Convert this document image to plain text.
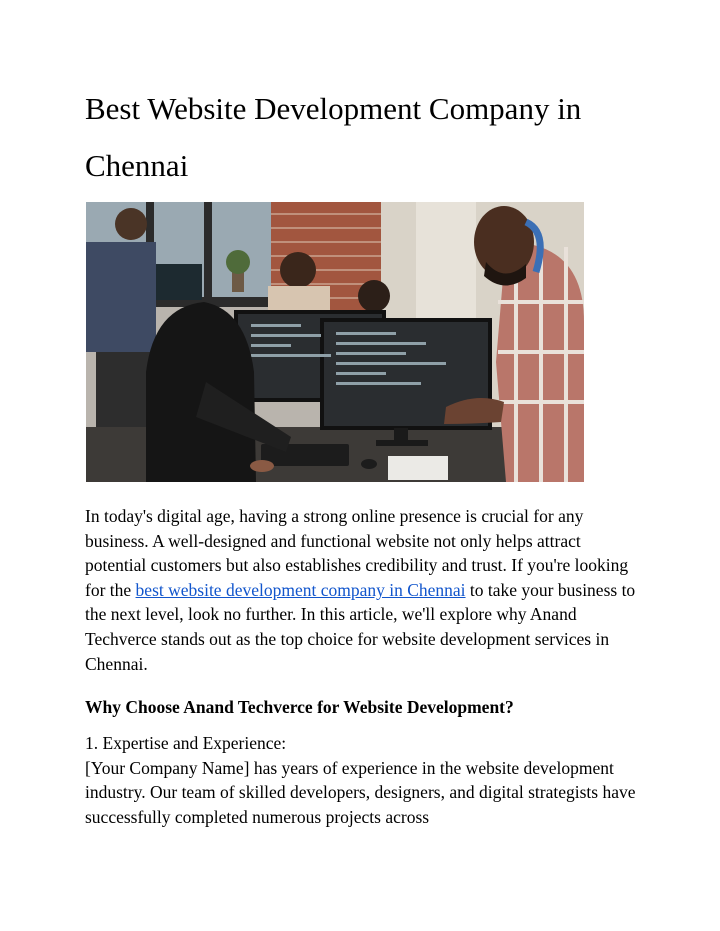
Best Website Development Company in Chennai

In today's digital age, having a strong online presence is crucial for any business. A well-designed and functional website not only helps attract potential customers but also establishes credibility and trust. If you're looking for the best website development company in Chennai to take your business to the next level, look no further. In this article, we'll explore why Anand Techverce stands out as the top choice for website development services in Chennai.

Why Choose Anand Techverce for Website Development?

1. Expertise and Experience:
[Your Company Name] has years of experience in the website development industry. Our team of skilled developers, designers, and digital strategists have successfully completed numerous projects across
